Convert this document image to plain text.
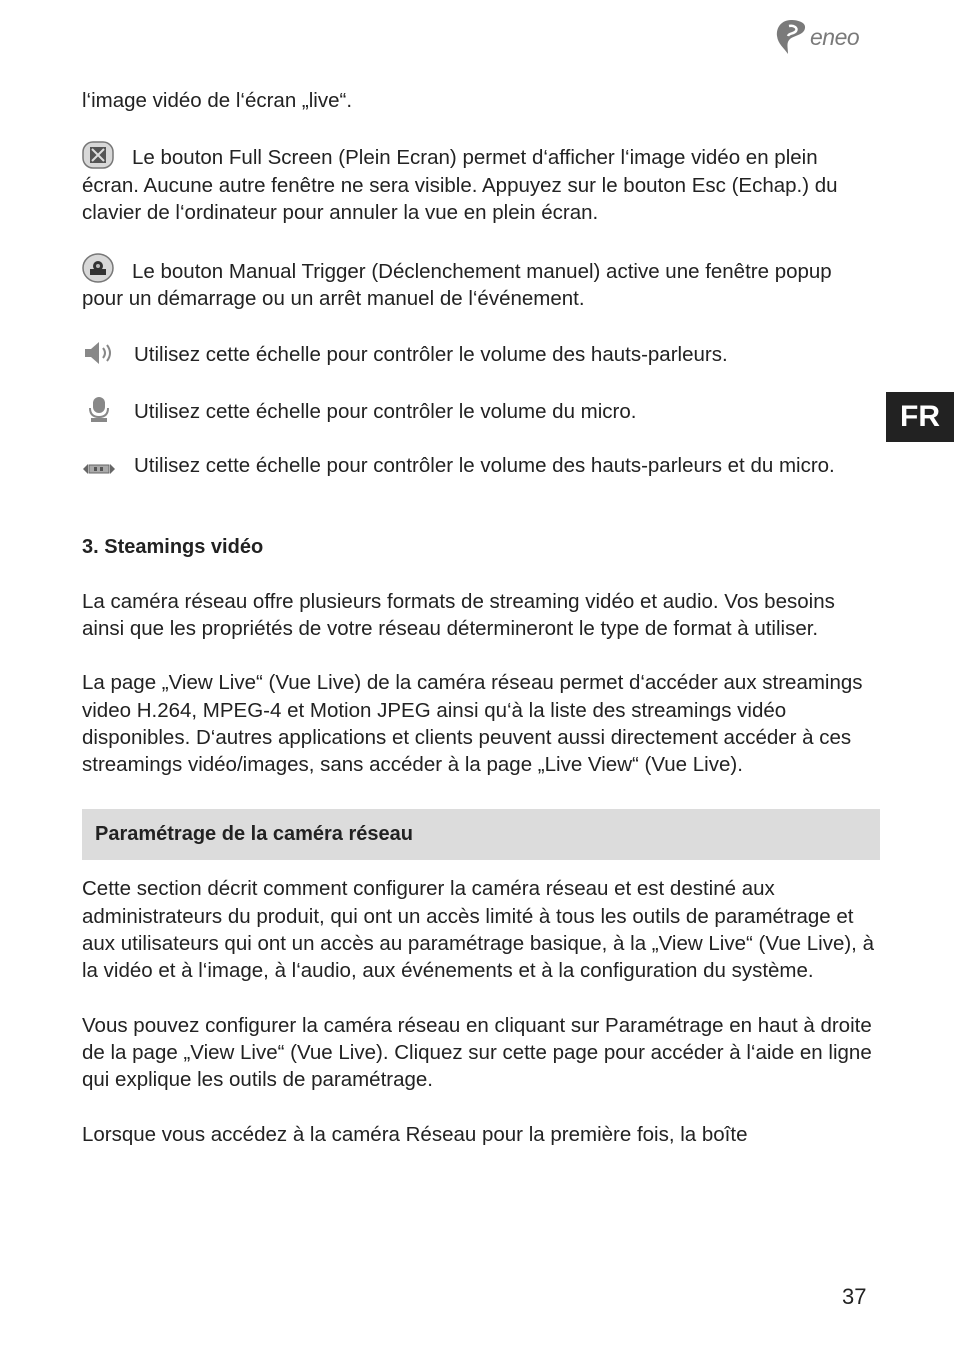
eneo
FR

l‘image vidéo de l‘écran „live“.

Le bouton Full Screen (Plein Ecran) permet d‘afficher l‘image vidéo en plein écran. Aucune autre fenêtre ne sera visible. Appuyez sur le bouton Esc (Echap.) du clavier de l‘ordinateur pour annuler la vue en plein écran.

Le bouton Manual Trigger (Déclenchement manuel) active une fenêtre popup pour un démarrage ou un arrêt manuel de l‘événement.

Utilisez cette échelle pour contrôler le volume des hauts-parleurs.

Utilisez cette échelle pour contrôler le volume du micro.

Utilisez cette échelle pour contrôler le volume des hauts-parleurs et du micro.

3. Steamings vidéo

La caméra réseau offre plusieurs formats de streaming vidéo et audio. Vos besoins ainsi que les propriétés de votre réseau détermineront le type de format à utiliser.

La page „View Live“ (Vue Live) de la caméra réseau permet d‘accéder aux streamings video H.264, MPEG-4 et Motion JPEG ainsi qu‘à la liste des streamings vidéo disponibles. D‘autres applications et clients peuvent aussi directement accéder à ces streamings vidéo/images, sans accéder à la page „Live View“ (Vue Live).

Paramétrage de la caméra réseau

Cette section décrit comment configurer la caméra réseau et est destiné aux administrateurs du produit, qui ont un accès limité à tous les outils de paramétrage et aux utilisateurs qui ont un accès au paramétrage basique, à la „View Live“ (Vue Live), à la vidéo et à l‘image, à l‘audio, aux événements et à la configuration du système.

Vous pouvez configurer la caméra réseau en cliquant sur Paramétrage en haut à droite de la page „View Live“ (Vue Live). Cliquez sur cette page pour accéder à l‘aide en ligne qui explique les outils de paramétrage.

Lorsque vous accédez à la caméra Réseau pour la première fois, la boîte

37
